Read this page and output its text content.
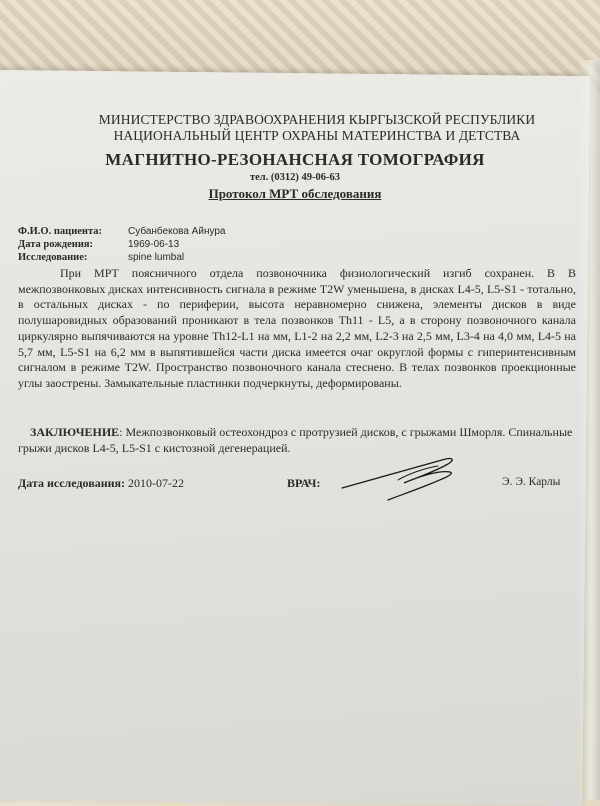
МИНИСТЕРСТВО ЗДРАВООХРАНЕНИЯ КЫРГЫЗСКОЙ РЕСПУБЛИКИ
НАЦИОНАЛЬНЫЙ ЦЕНТР ОХРАНЫ МАТЕРИНСТВА И ДЕТСТВА
МАГНИТНО-РЕЗОНАНСНАЯ ТОМОГРАФИЯ
тел. (0312) 49-06-63
Протокол МРТ обследования
Ф.И.О. пациента:	Субанбекова Айнура
Дата рождения:	1969-06-13
Исследование:	spine lumbal

При МРТ поясничного отдела позвоночника физиологический изгиб сохранен. В В межпозвонковых дисках интенсивность сигнала в режиме T2W уменьшена, в дисках L4-5, L5-S1 - тотально, в остальных дисках - по периферии, высота неравномерно снижена, элементы дисков в виде полушаровидных образований проникают в тела позвонков Th11 - L5, а в сторону позвоночного канала циркулярно выпячиваются на уровне Th12-L1 на мм, L1-2 на 2,2 мм, L2-3 на 2,5 мм, L3-4 на 4,0 мм, L4-5 на 5,7 мм, L5-S1 на 6,2 мм в выпятившейся части диска имеется очаг округлой формы с гиперинтенсивным сигналом в режиме T2W. Пространство позвоночного канала стеснено. В телах позвонков проекционные углы заострены. Замыкательные пластинки подчеркнуты, деформированы.

ЗАКЛЮЧЕНИЕ: Межпозвонковый остеохондроз с протрузией дисков, с грыжами Шморля. Спинальные грыжи дисков L4-5, L5-S1 с кистозной дегенерацией.

Дата исследования: 2010-07-22	ВРАЧ:	Э. Э. Карлы
